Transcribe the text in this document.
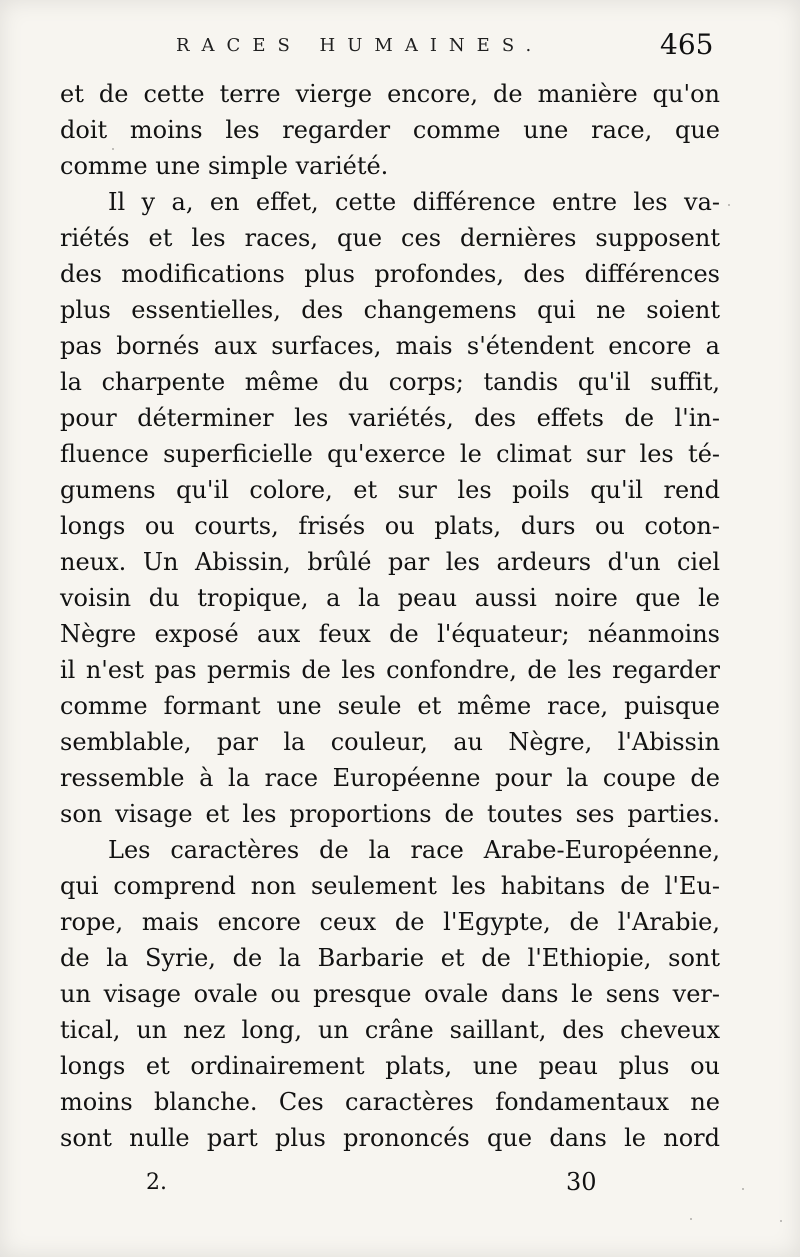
RACES HUMAINES.	465
et de cette terre vierge encore, de manière qu'on
doit moins les regarder comme une race, que
comme une simple variété.
Il y a, en effet, cette différence entre les va-
riétés et les races, que ces dernières supposent
des modifications plus profondes, des différences
plus essentielles, des changemens qui ne soient
pas bornés aux surfaces, mais s'étendent encore a
la charpente même du corps; tandis qu'il suffit,
pour déterminer les variétés, des effets de l'in-
fluence superficielle qu'exerce le climat sur les té-
gumens qu'il colore, et sur les poils qu'il rend
longs ou courts, frisés ou plats, durs ou coton-
neux. Un Abissin, brûlé par les ardeurs d'un ciel
voisin du tropique, a la peau aussi noire que le
Nègre exposé aux feux de l'équateur; néanmoins
il n'est pas permis de les confondre, de les regarder
comme formant une seule et même race, puisque
semblable, par la couleur, au Nègre, l'Abissin
ressemble à la race Européenne pour la coupe de
son visage et les proportions de toutes ses parties.
Les caractères de la race Arabe-Européenne,
qui comprend non seulement les habitans de l'Eu-
rope, mais encore ceux de l'Egypte, de l'Arabie,
de la Syrie, de la Barbarie et de l'Ethiopie, sont
un visage ovale ou presque ovale dans le sens ver-
tical, un nez long, un crâne saillant, des cheveux
longs et ordinairement plats, une peau plus ou
moins blanche. Ces caractères fondamentaux ne
sont nulle part plus prononcés que dans le nord
2.	30
